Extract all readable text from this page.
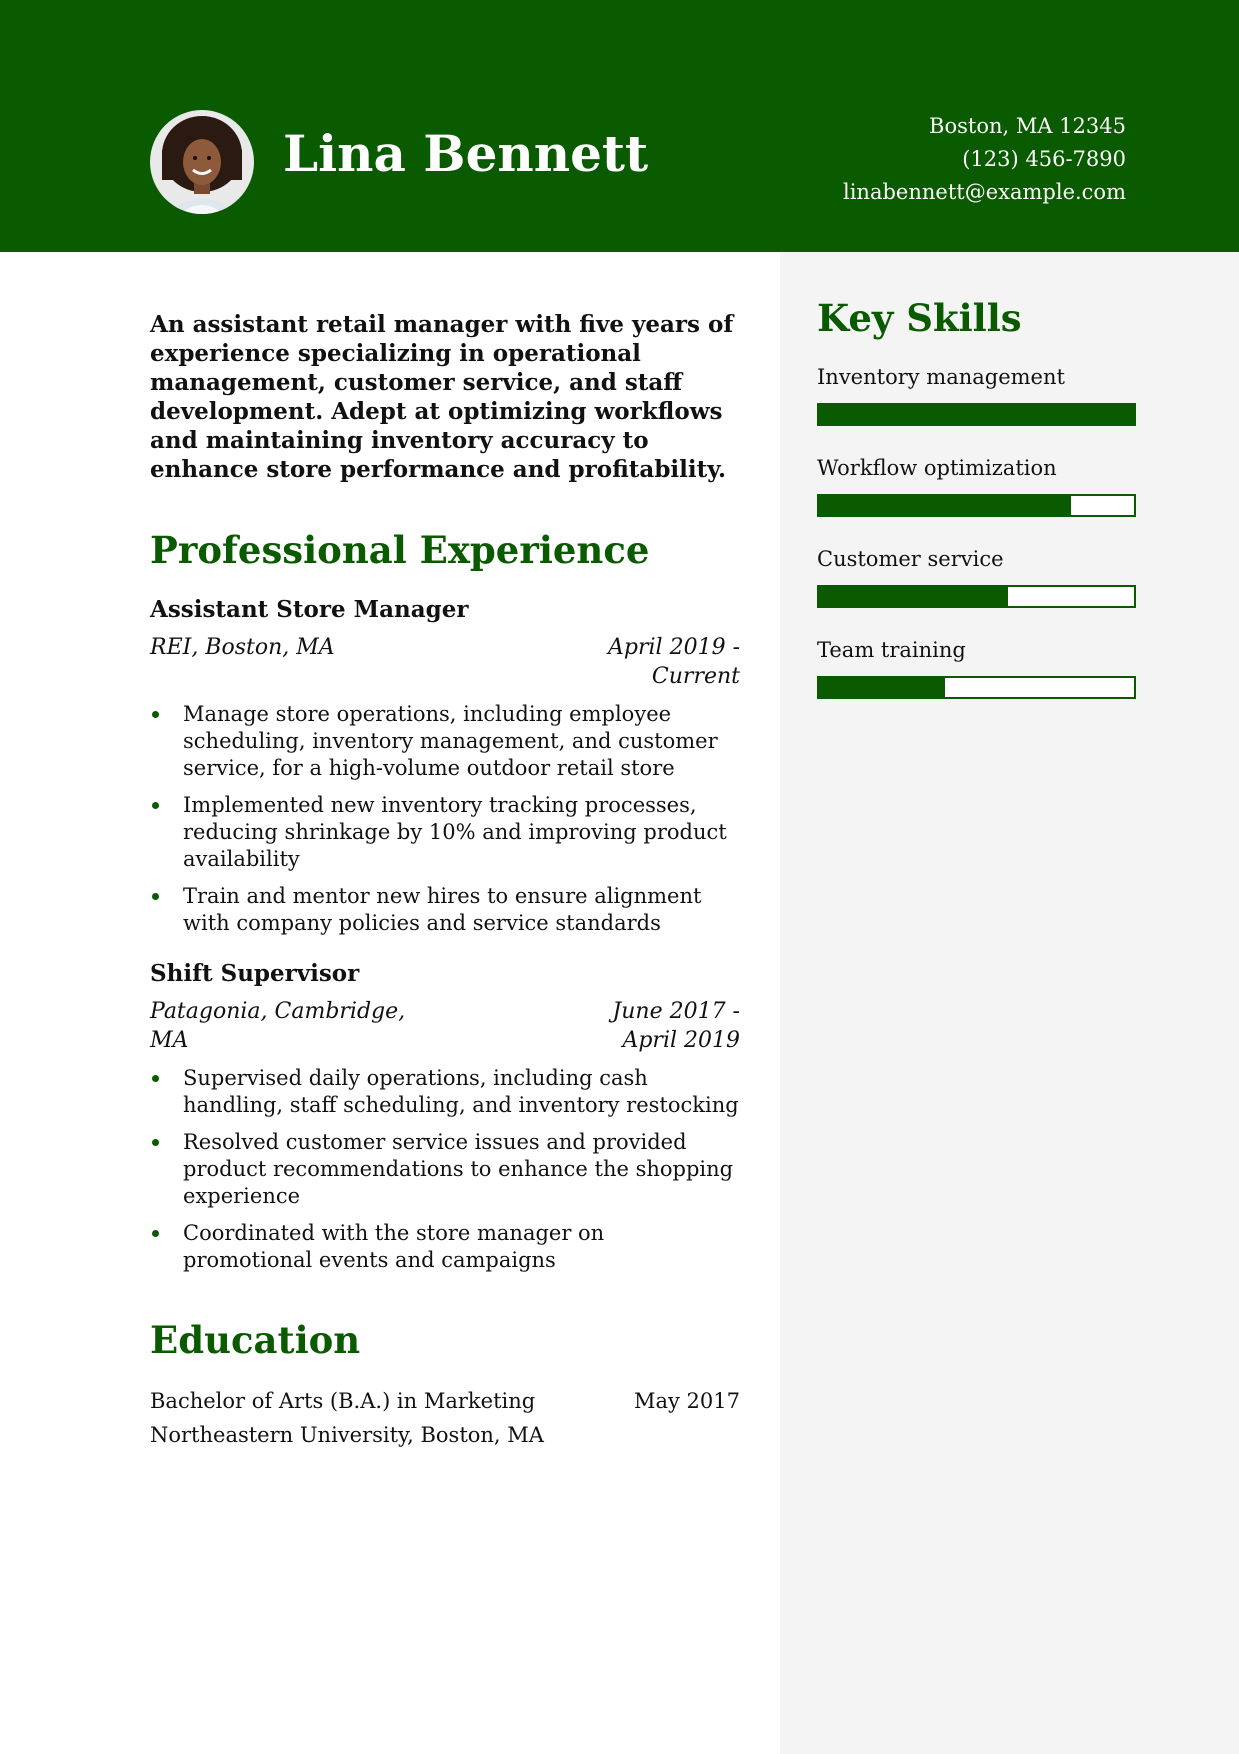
Lina Bennett	Boston, MA 12345
(123) 456-7890
linabennett@example.com

An assistant retail manager with five years of experience specializing in operational management, customer service, and staff development. Adept at optimizing workflows and maintaining inventory accuracy to enhance store performance and profitability.

Professional Experience
Assistant Store Manager
REI, Boston, MA	April 2019 - Current
Manage store operations, including employee scheduling, inventory management, and customer service, for a high-volume outdoor retail store
Implemented new inventory tracking processes, reducing shrinkage by 10% and improving product availability
Train and mentor new hires to ensure alignment with company policies and service standards
Shift Supervisor
Patagonia, Cambridge, MA
June 2017 - April 2019
Supervised daily operations, including cash handling, staff scheduling, and inventory restocking
Resolved customer service issues and provided product recommendations to enhance the shopping experience
Coordinated with the store manager on promotional events and campaigns
Education
Bachelor of Arts (B.A.) in Marketing	May 2017
Northeastern University, Boston, MA
Key Skills
Inventory management
Workflow optimization
Customer service
Team training
